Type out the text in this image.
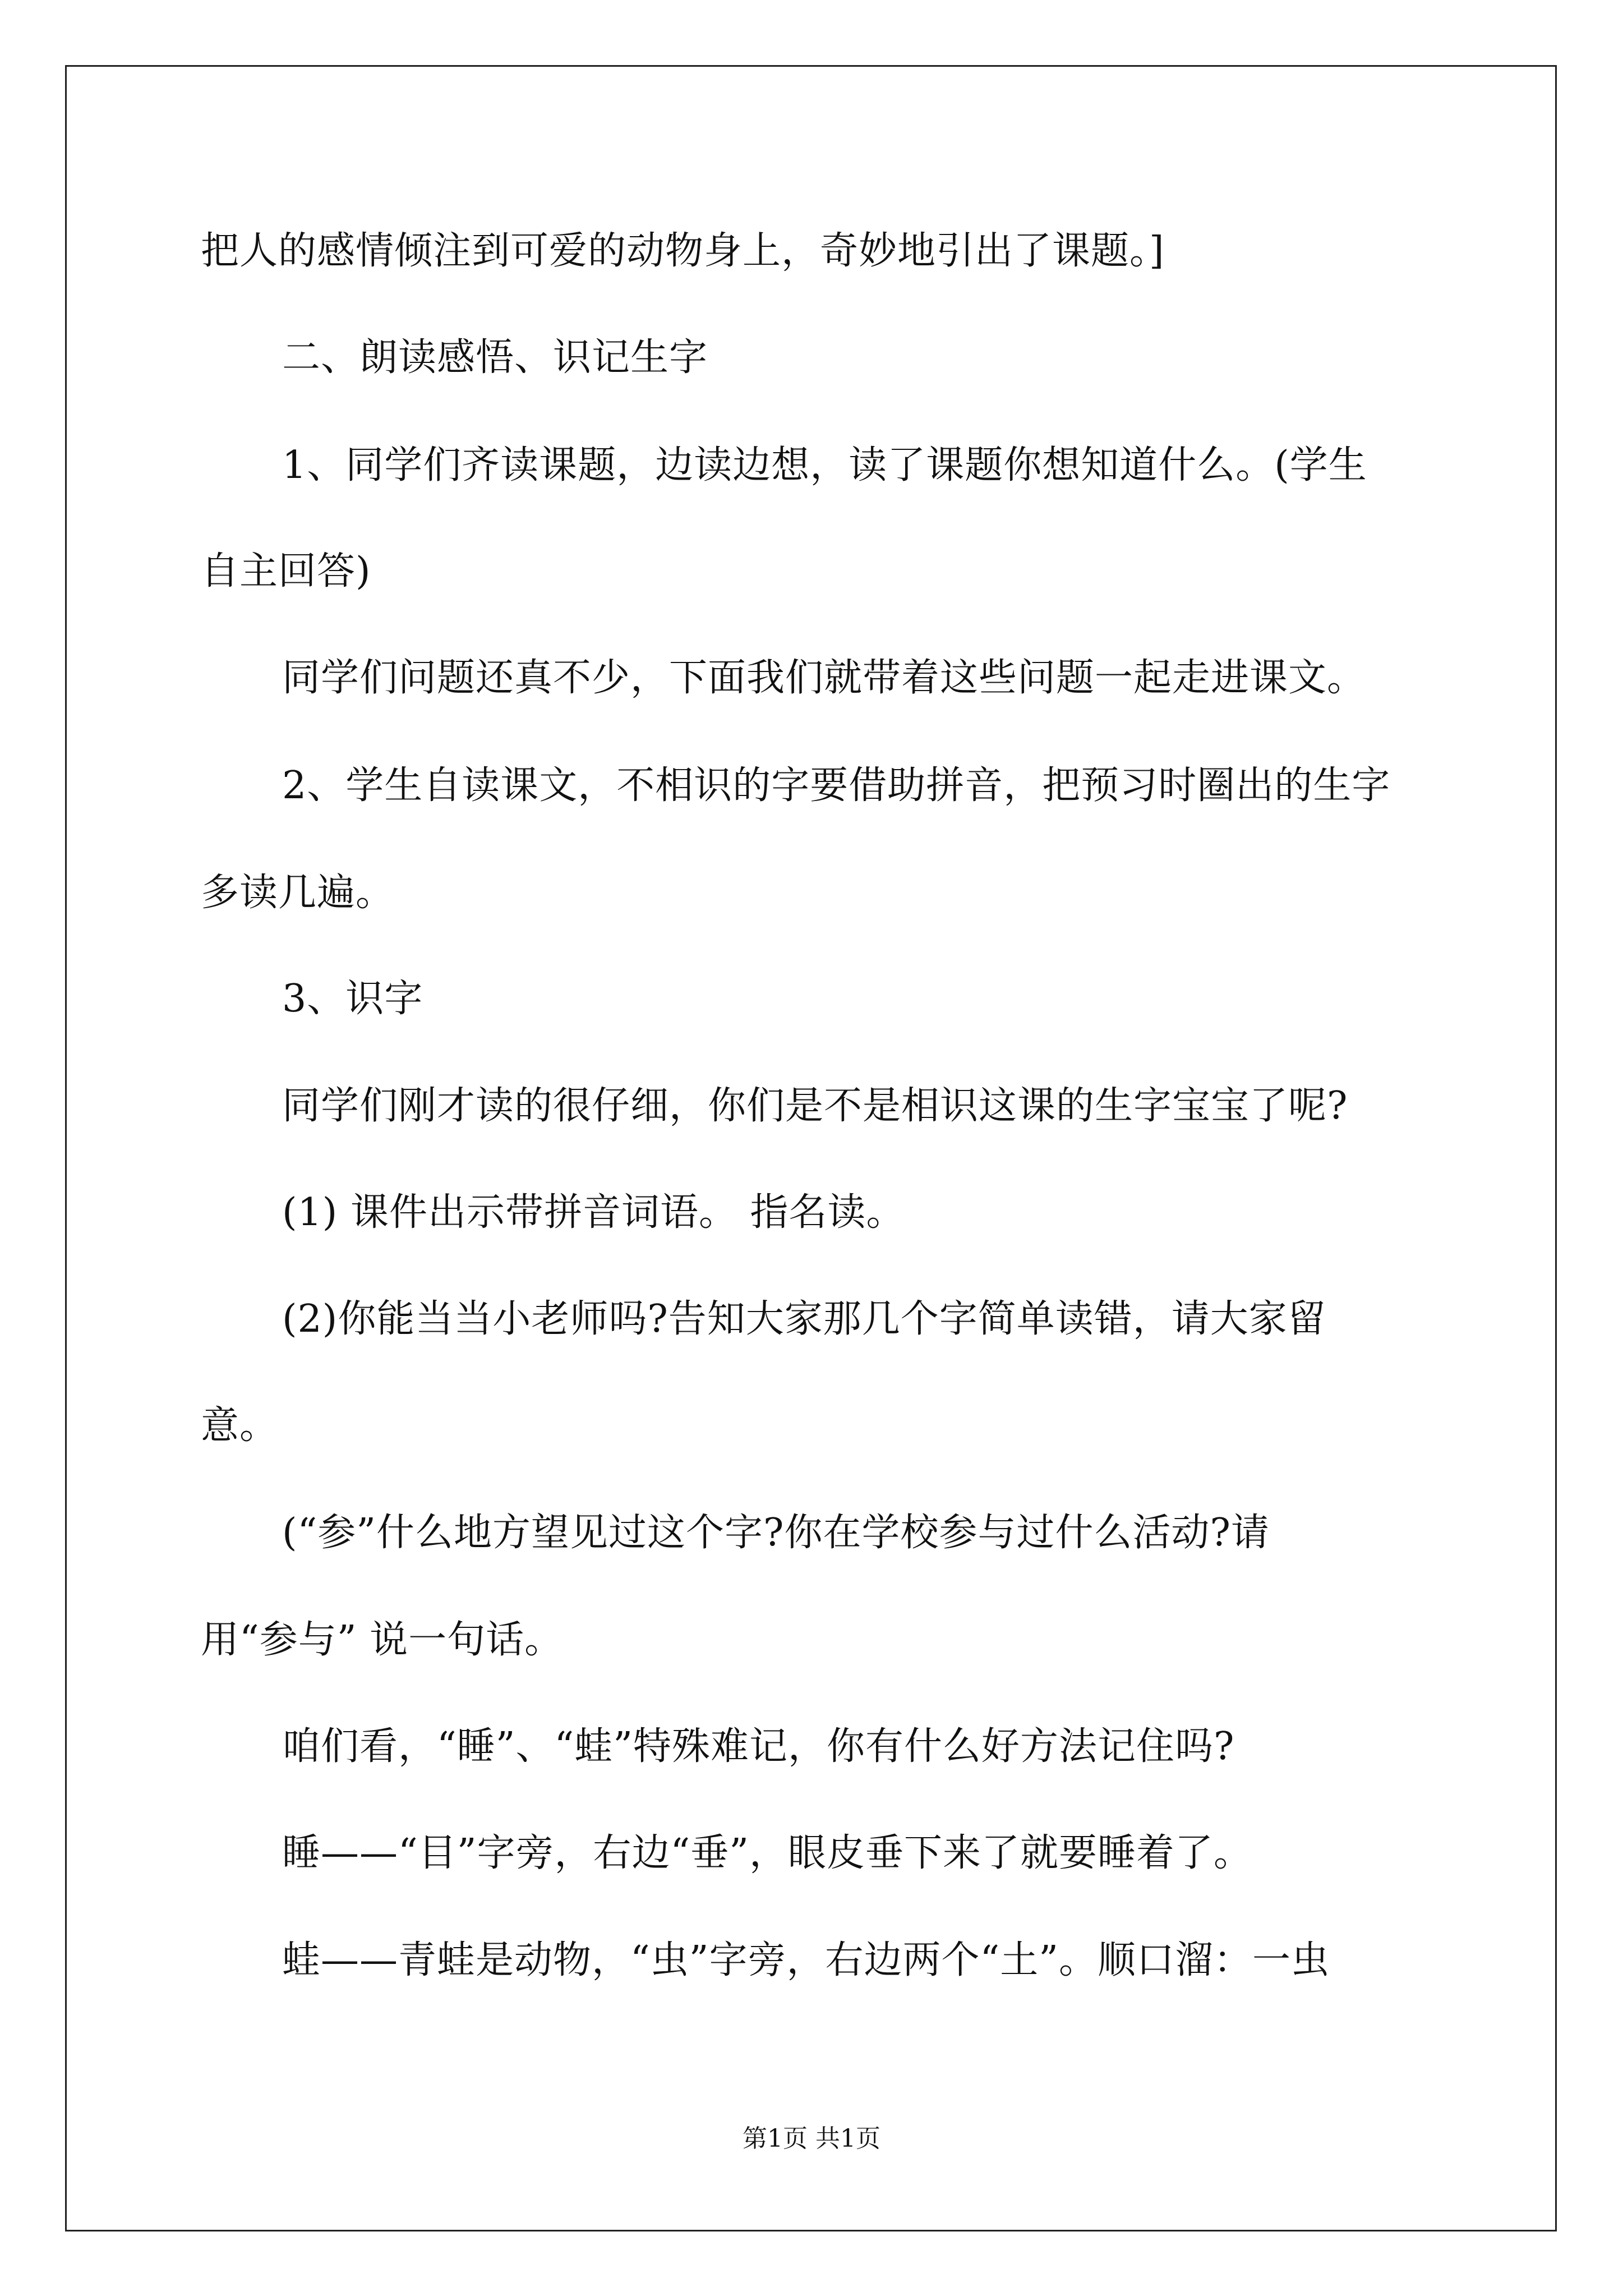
把人的感情倾注到可爱的动物身上，奇妙地引出了课题。]
二、朗读感悟、识记生字
1、同学们齐读课题，边读边想，读了课题你想知道什么。(学生
自主回答)
同学们问题还真不少，下面我们就带着这些问题一起走进课文。
2、学生自读课文，不相识的字要借助拼音，把预习时圈出的生字
多读几遍。
3、识字
同学们刚才读的很仔细，你们是不是相识这课的生字宝宝了呢?
(1) 课件出示带拼音词语。 指名读。
(2)你能当当小老师吗?告知大家那几个字简单读错，请大家留
意。
(“参”什么地方望见过这个字?你在学校参与过什么活动?请
用“参与” 说一句话。
咱们看，“睡”、“蛙”特殊难记，你有什么好方法记住吗?
睡——“目”字旁，右边“垂”，眼皮垂下来了就要睡着了。
蛙——青蛙是动物，“虫”字旁，右边两个“土”。顺口溜：一虫
第1页 共1页
